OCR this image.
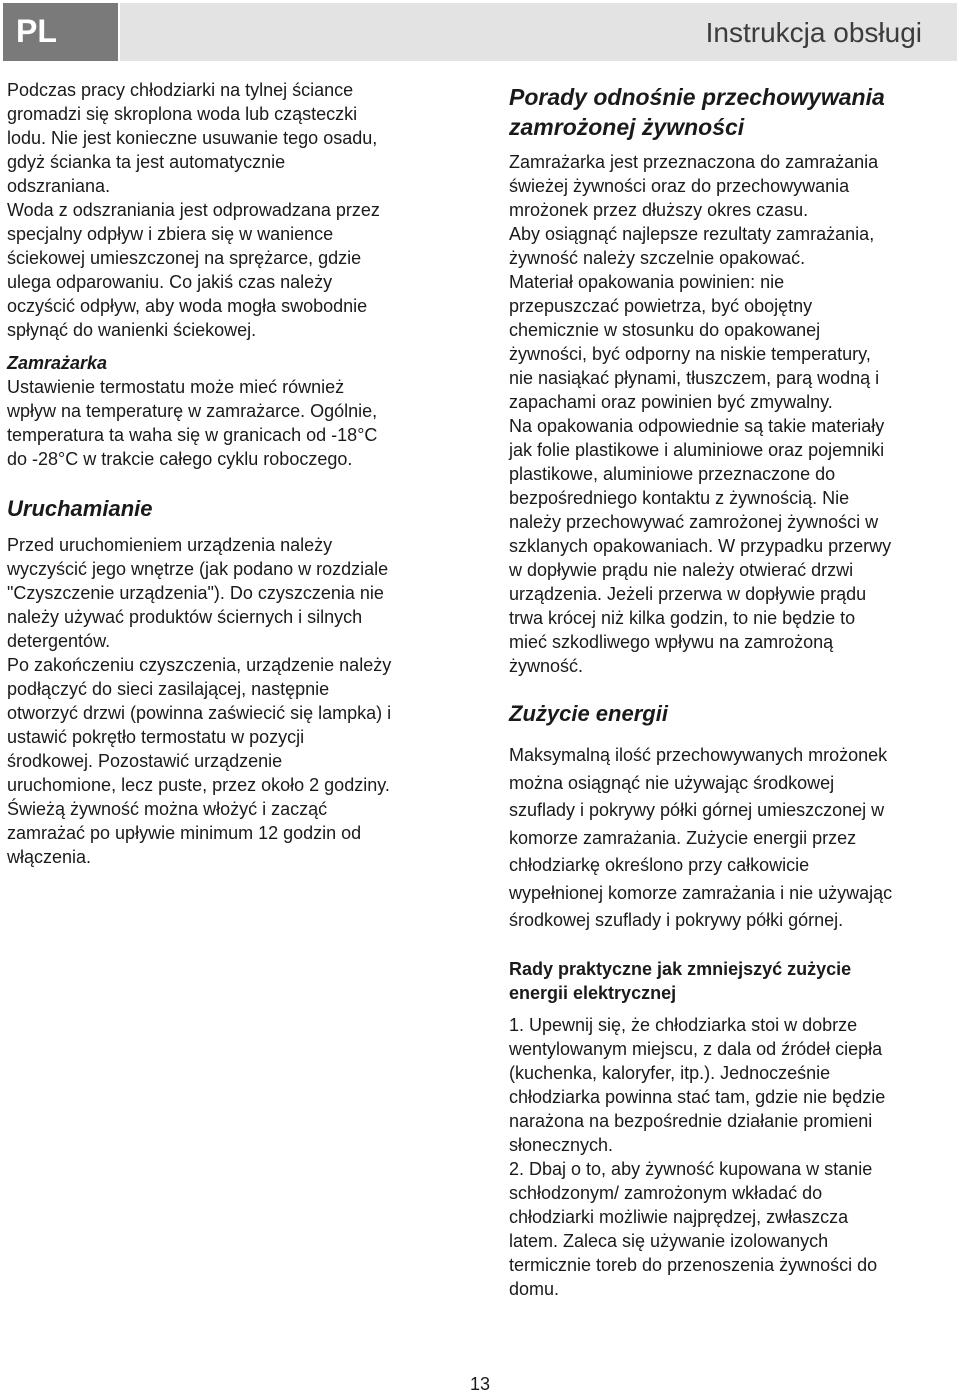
PL	Instrukcja obsługi

Podczas pracy chłodziarki na tylnej ściance
gromadzi się skroplona woda lub cząsteczki
lodu. Nie jest konieczne usuwanie tego osadu,
gdyż ścianka ta jest automatycznie
odszraniana.
Woda z odszraniania jest odprowadzana przez
specjalny odpływ i zbiera się w wanience
ściekowej umieszczonej na sprężarce, gdzie
ulega odparowaniu. Co jakiś czas należy
oczyścić odpływ, aby woda mogła swobodnie
spłynąć do wanienki ściekowej.

Zamrażarka

Ustawienie termostatu może mieć również
wpływ na temperaturę w zamrażarce. Ogólnie,
temperatura ta waha się w granicach od -18°C
do -28°C w trakcie całego cyklu roboczego.

Uruchamianie

Przed uruchomieniem urządzenia należy
wyczyścić jego wnętrze (jak podano w rozdziale
"Czyszczenie urządzenia"). Do czyszczenia nie
należy używać produktów ściernych i silnych
detergentów.
Po zakończeniu czyszczenia, urządzenie należy
podłączyć do sieci zasilającej, następnie
otworzyć drzwi (powinna zaświecić się lampka) i
ustawić pokrętło termostatu w pozycji
środkowej. Pozostawić urządzenie
uruchomione, lecz puste, przez około 2 godziny.
Świeżą żywność można włożyć i zacząć
zamrażać po upływie minimum 12 godzin od
włączenia.

Porady odnośnie przechowywania
zamrożonej żywności

Zamrażarka jest przeznaczona do zamrażania
świeżej żywności oraz do przechowywania
mrożonek przez dłuższy okres czasu.
Aby osiągnąć najlepsze rezultaty zamrażania,
żywność należy szczelnie opakować.
Materiał opakowania powinien: nie
przepuszczać powietrza, być obojętny
chemicznie w stosunku do opakowanej
żywności, być odporny na niskie temperatury,
nie nasiąkać płynami, tłuszczem, parą wodną i
zapachami oraz powinien być zmywalny.
Na opakowania odpowiednie są takie materiały
jak folie plastikowe i aluminiowe oraz pojemniki
plastikowe, aluminiowe przeznaczone do
bezpośredniego kontaktu z żywnością. Nie
należy przechowywać zamrożonej żywności w
szklanych opakowaniach. W przypadku przerwy
w dopływie prądu nie należy otwierać drzwi
urządzenia. Jeżeli przerwa w dopływie prądu
trwa krócej niż kilka godzin, to nie będzie to
mieć szkodliwego wpływu na zamrożoną
żywność.

Zużycie energii

Maksymalną ilość przechowywanych mrożonek
można osiągnąć nie używając środkowej
szuflady i pokrywy półki górnej umieszczonej w
komorze zamrażania. Zużycie energii przez
chłodziarkę określono przy całkowicie
wypełnionej komorze zamrażania i nie używając
środkowej szuflady i pokrywy półki górnej.

Rady praktyczne jak zmniejszyć zużycie
energii elektrycznej

1. Upewnij się, że chłodziarka stoi w dobrze
wentylowanym miejscu, z dala od źródeł ciepła
(kuchenka, kaloryfer, itp.). Jednocześnie
chłodziarka powinna stać tam, gdzie nie będzie
narażona na bezpośrednie działanie promieni
słonecznych.
2. Dbaj o to, aby żywność kupowana w stanie
schłodzonym/ zamrożonym wkładać do
chłodziarki możliwie najprędzej, zwłaszcza
latem. Zaleca się używanie izolowanych
termicznie toreb do przenoszenia żywności do
domu.

13
